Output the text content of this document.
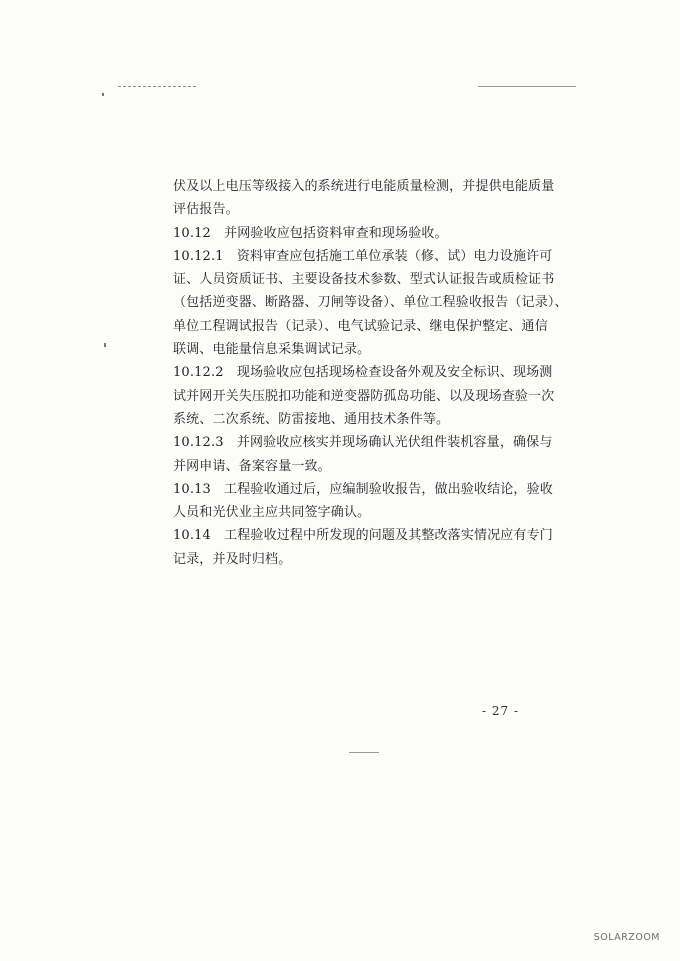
伏及以上电压等级接入的系统进行电能质量检测，并提供电能质量
评估报告。
10.12　并网验收应包括资料审查和现场验收。
10.12.1　资料审查应包括施工单位承装（修、试）电力设施许可
证、人员资质证书、主要设备技术参数、型式认证报告或质检证书
（包括逆变器、断路器、刀闸等设备）、单位工程验收报告（记录）、
单位工程调试报告（记录）、电气试验记录、继电保护整定、通信
联调、电能量信息采集调试记录。
10.12.2　现场验收应包括现场检查设备外观及安全标识、现场测
试并网开关失压脱扣功能和逆变器防孤岛功能、以及现场查验一次
系统、二次系统、防雷接地、通用技术条件等。
10.12.3　并网验收应核实并现场确认光伏组件装机容量，确保与
并网申请、备案容量一致。
10.13　工程验收通过后，应编制验收报告，做出验收结论，验收
人员和光伏业主应共同签字确认。
10.14　工程验收过程中所发现的问题及其整改落实情况应有专门
记录，并及时归档。
- 27 -
SOLARZOOM
